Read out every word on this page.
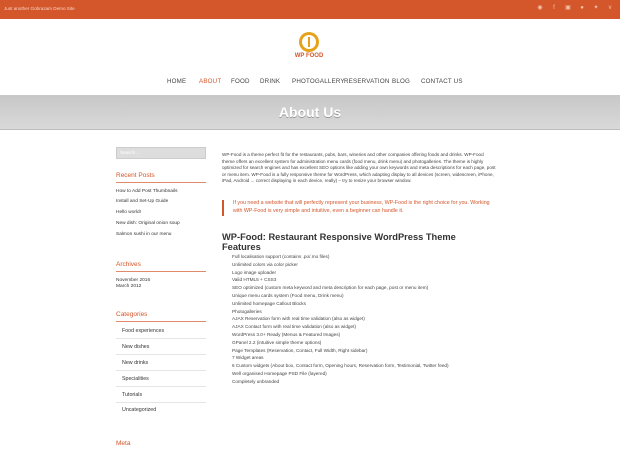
Just another Gobrazam Demo Site	◉	f	▣	●	✦	v
WP FOOD
HOME ABOUT FOOD DRINK PHOTOGALLERY RESERVATION BLOG CONTACT US
About Us
Search ...
Recent Posts
How to Add Post Thumbnails
Install and Set-Up Guide
Hello world!
New dish: Original onion soup
Salmon sushi in our menu
Archives
November 2016
March 2012
Categories
Food experiences
New dishes
New drinks
Specialities
Tutorials
Uncategorized
Meta

WP-Food is a theme perfect fit for the restaurants, pubs, bars, wineries and other companies offering foods and drinks. WP-Food theme offers an excellent system for administration menu cards (food menu, drink menu) and photogalleries. The theme is highly optimized for search engines and has excellent SEO options like adding your own keywords and meta descriptions for each page, post or menu item. WP-Food is a fully responsive theme for WordPress, which adapting display to all devices (screen, widescreen, iPhone, iPad, Android ... correct displaying in each device, really) – try to resize your browser window.

If you need a website that will perfectly represent your business, WP-Food is the right choice for you. Working with WP-Food is very simple and intuitive, even a beginner can handle it.
WP-Food: Restaurant Responsive WordPress Theme Features
Full localisation support (contains .po/.mo files)
Unlimited colors via color picker
Logo image uploader
Valid HTML5 + CSS3
SEO optimized (custom meta keyword and meta description for each page, post or menu item)
Unique menu cards system (Food menu, Drink menu)
Unlimited homepage Callout Blocks
Photogalleries
AJAX Reservation form with real time validation (also as widget)
AJAX Contact form with real time validation (also as widget)
WordPress 3.0+ Ready (Menus & Featured Images)
GPanel 2.2 (intuitive simple theme options)
Page Templates (Reservation, Contact, Full Width, Right sidebar)
7 Widget areas
6 Custom widgets (About box, Contact form, Opening hours, Reservation form, Testimonial, Twitter feed)
Well organised Homepage PSD File (layered)
Completely unbranded
